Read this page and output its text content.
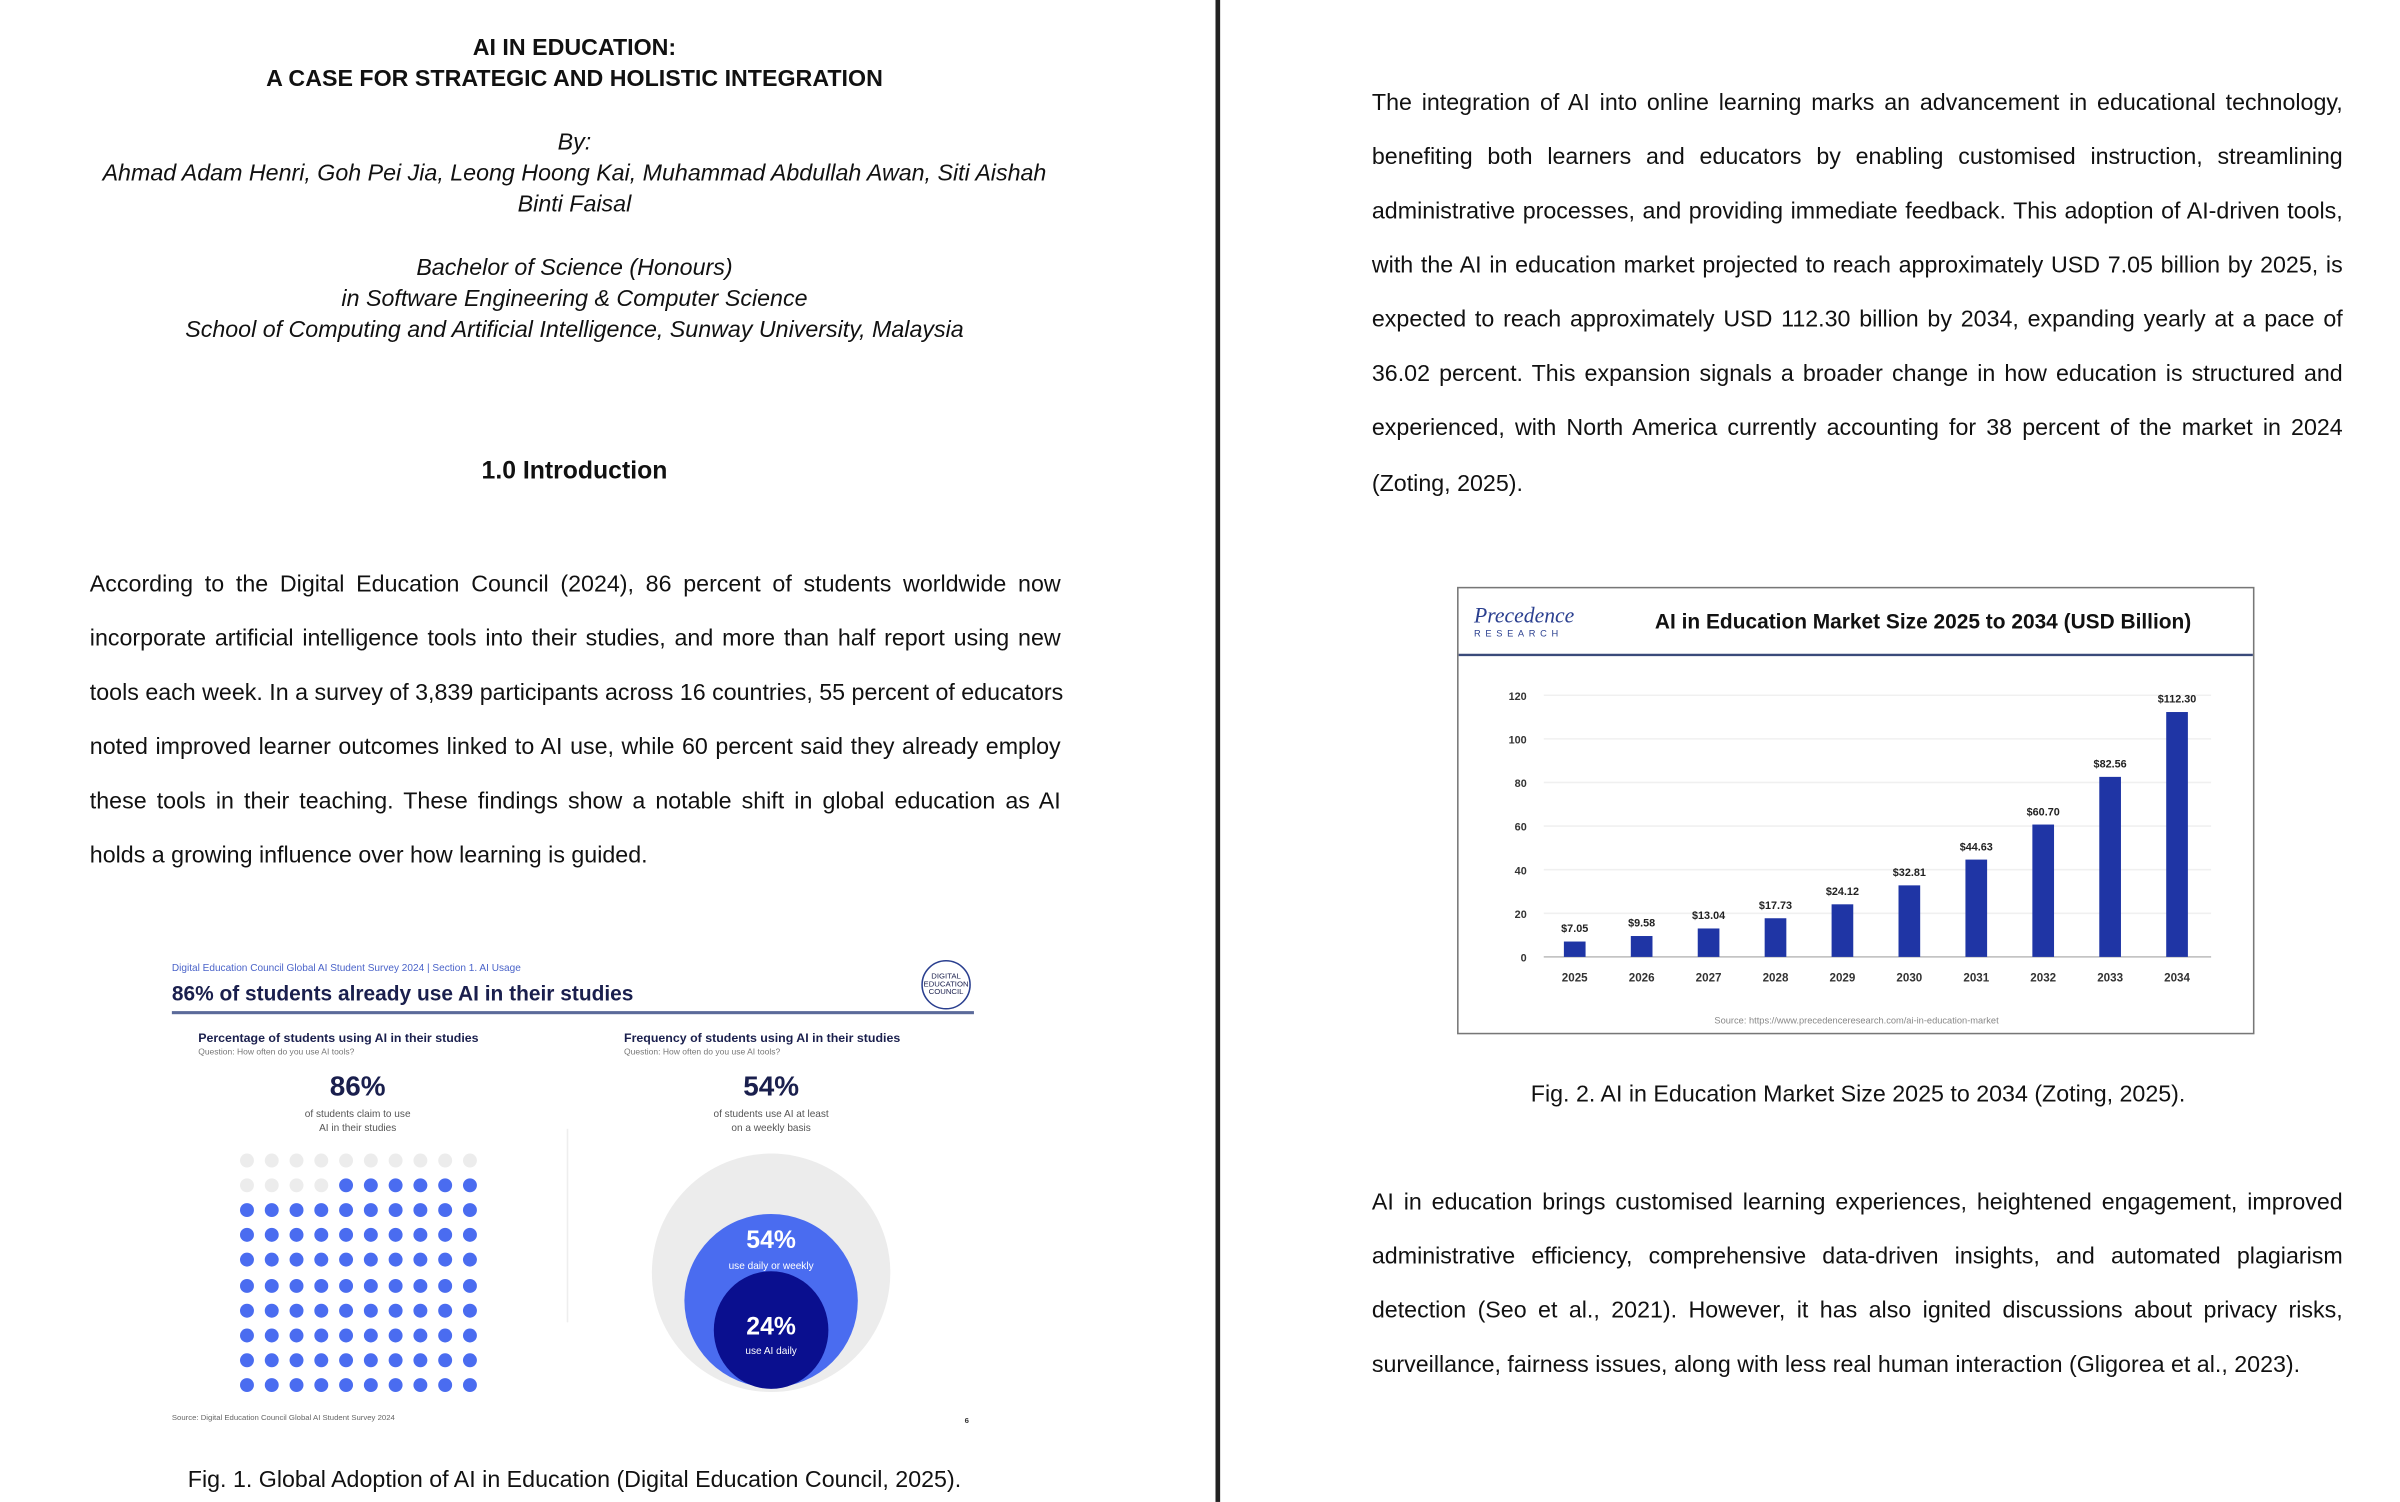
AI IN EDUCATION:
A CASE FOR STRATEGIC AND HOLISTIC INTEGRATION
By:
Ahmad Adam Henri, Goh Pei Jia, Leong Hoong Kai, Muhammad Abdullah Awan, Siti Aishah
Binti Faisal
Bachelor of Science (Honours)
in Software Engineering & Computer Science
School of Computing and Artificial Intelligence, Sunway University, Malaysia
1.0 Introduction
According to the Digital Education Council (2024), 86 percent of students worldwide now
incorporate artificial intelligence tools into their studies, and more than half report using new
tools each week. In a survey of 3,839 participants across 16 countries, 55 percent of educators
noted improved learner outcomes linked to AI use, while 60 percent said they already employ
these tools in their teaching. These findings show a notable shift in global education as AI
holds a growing influence over how learning is guided.
Digital Education Council Global AI Student Survey 2024 | Section 1. AI Usage
86% of students already use AI in their studies
DIGITAL EDUCATION COUNCIL
Percentage of students using AI in their studies
Question: How often do you use AI tools?
86%
of students claim to use
AI in their studies
Frequency of students using AI in their studies
Question: How often do you use AI tools?
54%
of students use AI at least
on a weekly basis
54%
use daily or weekly
24%
use AI daily
Source: Digital Education Council Global AI Student Survey 2024	6
Fig. 1. Global Adoption of AI in Education (Digital Education Council, 2025).
The integration of AI into online learning marks an advancement in educational technology,
benefiting both learners and educators by enabling customised instruction, streamlining
administrative processes, and providing immediate feedback. This adoption of AI-driven tools,
with the AI in education market projected to reach approximately USD 7.05 billion by 2025, is
expected to reach approximately USD 112.30 billion by 2034, expanding yearly at a pace of
36.02 percent. This expansion signals a broader change in how education is structured and
experienced, with North America currently accounting for 38 percent of the market in 2024
(Zoting, 2025).
Precedence
RESEARCH	AI in Education Market Size 2025 to 2034 (USD Billion)
0
20
40
60
80
100
120
$7.05
2025
$9.58
2026
$13.04
2027
$17.73
2028
$24.12
2029
$32.81
2030
$44.63
2031
$60.70
2032
$82.56
2033
$112.30
2034
Source: https://www.precedenceresearch.com/ai-in-education-market
Fig. 2. AI in Education Market Size 2025 to 2034 (Zoting, 2025).
AI in education brings customised learning experiences, heightened engagement, improved
administrative efficiency, comprehensive data-driven insights, and automated plagiarism
detection (Seo et al., 2021). However, it has also ignited discussions about privacy risks,
surveillance, fairness issues, along with less real human interaction (Gligorea et al., 2023).
